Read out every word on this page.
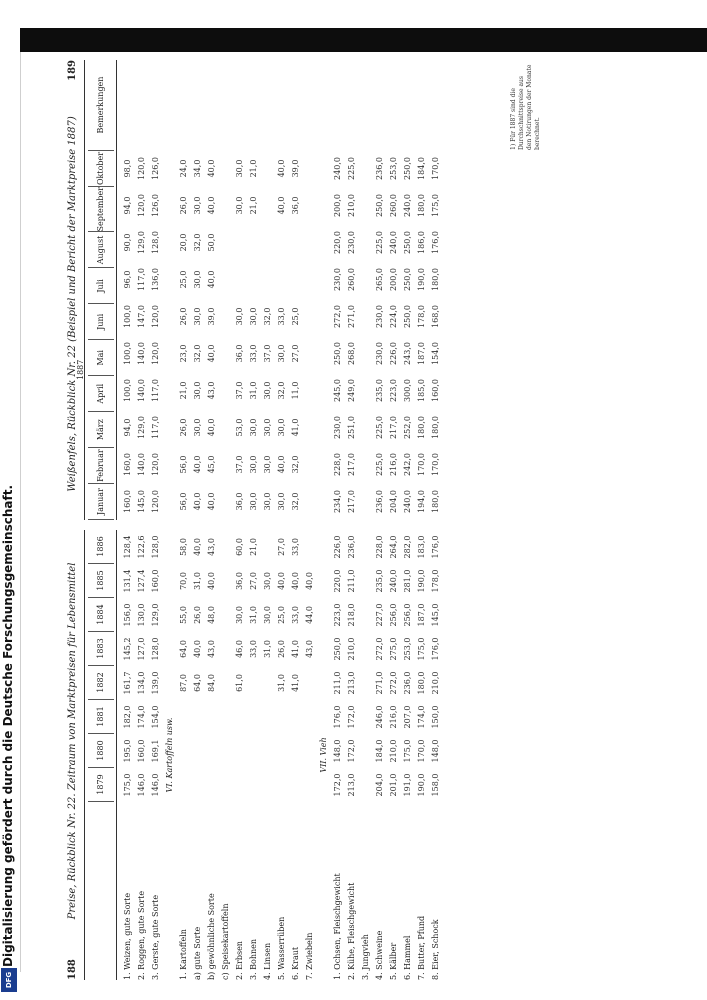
Digitalisierung gefördert durch die Deutsche Forschungsgemeinschaft.
DFG	188
Preise, Rückblick Nr. 22. Zeitraum von Marktpreisen für Lebensmittel	1879
1880
1881
1882
1883
1884
1885
1886
1. Weizen, gute Sorte
175,0
195,0
182,0
161,7
145,2
156,0
131,4
128,4
2. Roggen, gute Sorte
146,0
160,0
174,0
134,0
127,0
130,0
127,4
122,6
3. Gerste, gute Sorte
146,0
169,1
154,0
139,0
128,0
129,0
160,0
128,0
VI. Kartoffeln usw.
1. Kartoffeln
87,0
64,0
55,0
70,0
58,0
a) gute Sorte
64,0
40,0
26,0
31,0
40,0
b) gewöhnliche Sorte
84,0
43,0
48,0
40,0
43,0
c) Speisekartoffeln 2. Erbsen
61,0
46,0
30,0
36,0
60,0
3. Bohnen
33,0
31,0
27,0
21,0
4. Linsen
31,0
30,0
30,0
5. Wasserrüben
31,0
26,0
25,0
40,0
27,0
6. Kraut
41,0
41,0
33,0
40,0
33,0
7. Zwiebeln
43,0
44,0
40,0
VII. Vieh
1. Ochsen, Fleischgewicht
172,0
148,0
176,0
211,0
250,0
223,0
220,0
226,0
2. Kühe, Fleischgewicht
213,0
172,0
172,0
213,0
210,0
218,0
211,0
236,0
3. Jungvieh 4. Schweine
204,0
184,0
246,0
271,0
272,0
227,0
235,0
228,0
5. Kälber
201,0
210,0
216,0
272,0
275,0
256,0
240,0
264,0
6. Hammel
191,0
175,0
207,0
236,0
253,0
256,0
281,0
282,0
7. Butter, Pfund
190,0
170,0
174,0
180,0
175,0
187,0
190,0
183,0
8. Eier, Schock
158,0
148,0
150,0
210,0
176,0
145,0
178,0
176,0
Weißenfels, Rückblick Nr. 22 (Beispiel und Bericht der Marktpreise 1887)
189
1887
Januar
Februar
März
April
Mai
Juni
Juli
August
September
Oktober
Bemerkungen
160,0
160,0
94,0
100,0
100,0
100,0
96,0
90,0
94,0
98,0
145,0
140,0
129,0
140,0
140,0
147,0
117,0
129,0
120,0
120,0
120,0
120,0
117,0
117,0
120,0
120,0
136,0
128,0
126,0
126,0
56,0
56,0
26,0
21,0
23,0
26,0
25,0
20,0
26,0
24,0
40,0
40,0
30,0
30,0
32,0
30,0
30,0
32,0
30,0
34,0
40,0
45,0
40,0
43,0
40,0
39,0
40,0
50,0
40,0
40,0
36,0
37,0
53,0
37,0
36,0
30,0
30,0
30,0
30,0
30,0
30,0
31,0
33,0
30,0
21,0
21,0
30,0
30,0
30,0
30,0
37,0
32,0
30,0
40,0
30,0
32,0
30,0
33,0
40,0
40,0
32,0
32,0
41,0
11,0
27,0
25,0
36,0
39,0
234,0
228,0
230,0
245,0
250,0
272,0
230,0
220,0
200,0
240,0
217,0
217,0
251,0
249,0
268,0
271,0
260,0
230,0
210,0
225,0
236,0
225,0
225,0
235,0
230,0
230,0
265,0
225,0
250,0
236,0
204,0
216,0
217,0
223,0
226,0
224,0
200,0
240,0
260,0
253,0
240,0
242,0
252,0
300,0
243,0
250,0
250,0
250,0
240,0
250,0
194,0
170,0
180,0
185,0
187,0
178,0
190,0
186,0
180,0
184,0
180,0
170,0
180,0
160,0
154,0
168,0
180,0
176,0
175,0
170,0
1) Für 1887 sind die Durchschnittspreise aus den Notirungen der Monate berechnet.
